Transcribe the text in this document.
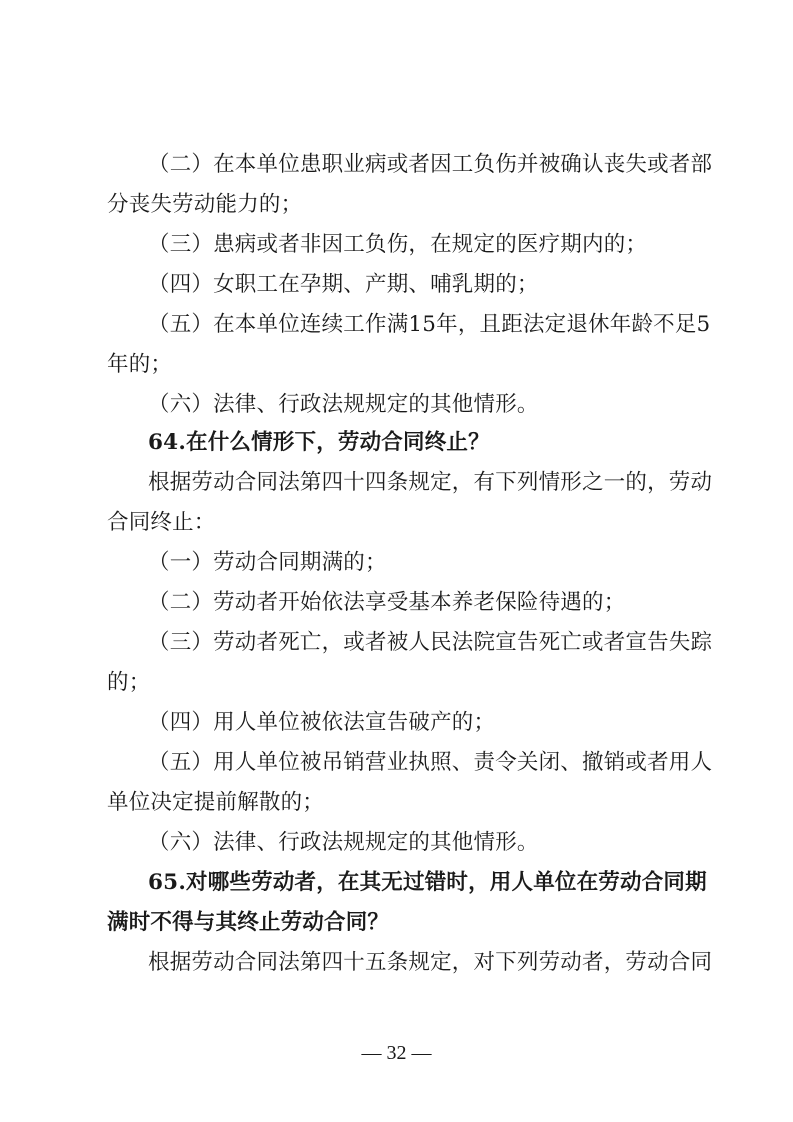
（二）在本单位患职业病或者因工负伤并被确认丧失或者部
分丧失劳动能力的；
（三）患病或者非因工负伤，在规定的医疗期内的；
（四）女职工在孕期、产期、哺乳期的；
（五）在本单位连续工作满15年，且距法定退休年龄不足5
年的；
（六）法律、行政法规规定的其他情形。
64.在什么情形下，劳动合同终止？
根据劳动合同法第四十四条规定，有下列情形之一的，劳动
合同终止：
（一）劳动合同期满的；
（二）劳动者开始依法享受基本养老保险待遇的；
（三）劳动者死亡，或者被人民法院宣告死亡或者宣告失踪
的；
（四）用人单位被依法宣告破产的；
（五）用人单位被吊销营业执照、责令关闭、撤销或者用人
单位决定提前解散的；
（六）法律、行政法规规定的其他情形。
65.对哪些劳动者，在其无过错时，用人单位在劳动合同期
满时不得与其终止劳动合同？
根据劳动合同法第四十五条规定，对下列劳动者，劳动合同
— 32 —
